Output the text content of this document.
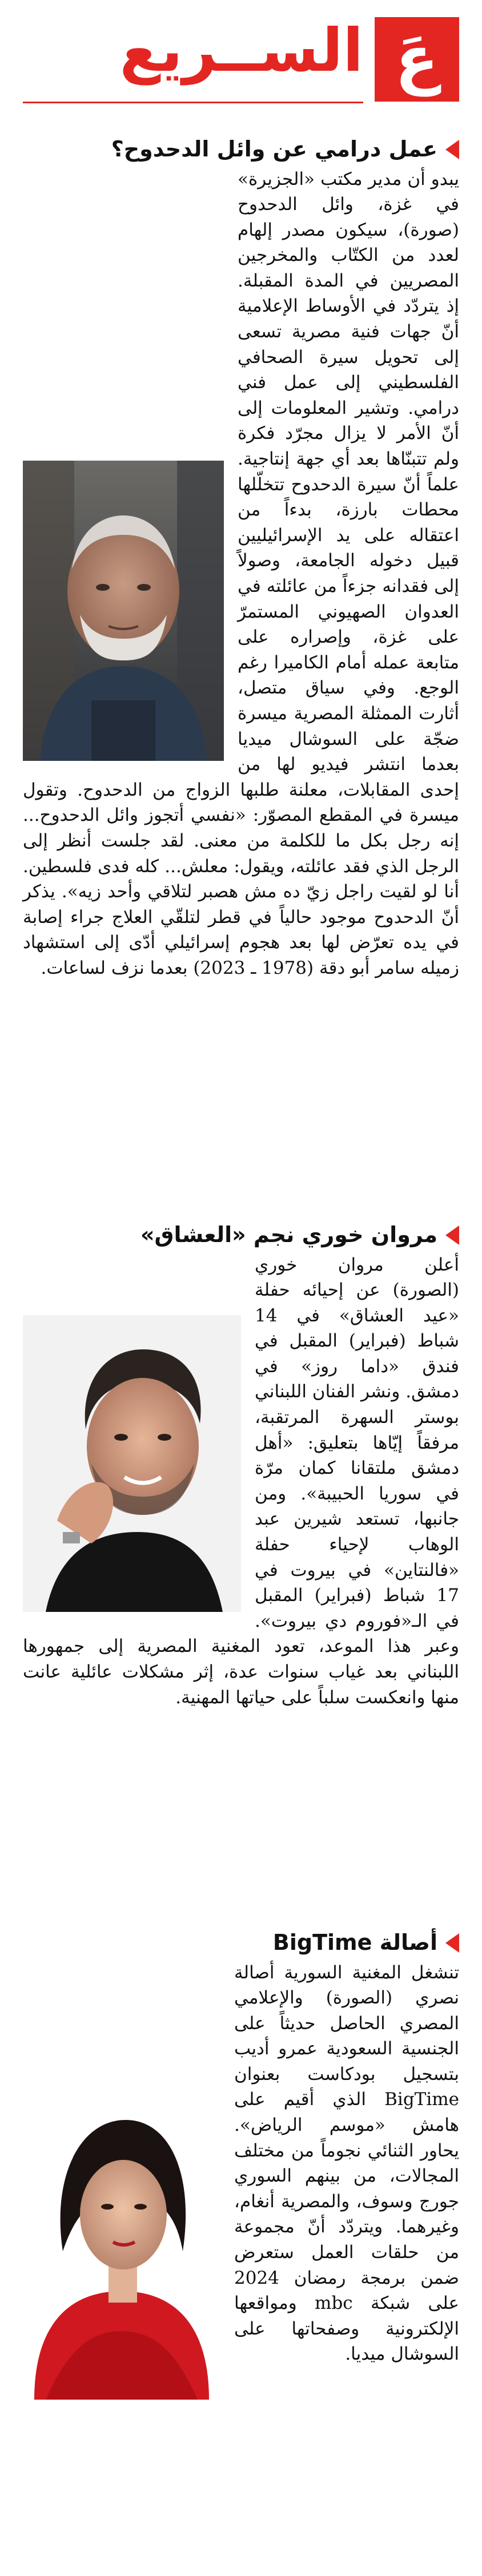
عَ
الســريع
عمل درامي عن وائل الدحدوح؟

يبدو أن مدير مكتب «الجزيرة» في غزة، وائل الدحدوح (صورة)، سيكون مصدر إلهام لعدد من الكتّاب والمخرجين المصريين في المدة المقبلة. إذ يتردّد في الأوساط الإعلامية أنّ جهات فنية مصرية تسعى إلى تحويل سيرة الصحافي الفلسطيني إلى عمل فني درامي. وتشير المعلومات إلى أنّ الأمر لا يزال مجرّد فكرة ولم تتبنّاها بعد أي جهة إنتاجية. علماً أنّ سيرة الدحدوح تتخلّلها محطات بارزة، بدءاً من اعتقاله على يد الإسرائيليين قبيل دخوله الجامعة، وصولاً إلى فقدانه جزءاً من عائلته في العدوان الصهيوني المستمرّ على غزة، وإصراره على متابعة عمله أمام الكاميرا رغم الوجع. وفي سياق متصل، أثارت الممثلة المصرية ميسرة ضجّة على السوشال ميديا بعدما انتشر فيديو لها من إحدى المقابلات، معلنة طلبها الزواج من الدحدوح. وتقول ميسرة في المقطع المصوّر: «نفسي أتجوز وائل الدحدوح... إنه رجل بكل ما للكلمة من معنى. لقد جلست أنظر إلى الرجل الذي فقد عائلته، ويقول: معلش... كله فدى فلسطين. أنا لو لقيت راجل زيّ ده مش هصبر لتلاقي وأحد زيه». يذكر أنّ الدحدوح موجود حالياً في قطر لتلقّي العلاج جراء إصابة في يده تعرّض لها بعد هجوم إسرائيلي أدّى إلى استشهاد زميله سامر أبو دقة (1978 ـ 2023) بعدما نزف لساعات.

مروان خوري نجم «العشاق»

أعلن مروان خوري (الصورة) عن إحيائه حفلة «عيد العشاق» في 14 شباط (فبراير) المقبل في فندق «داما روز» في دمشق. ونشر الفنان اللبناني بوستر السهرة المرتقبة، مرفقاً إيّاها بتعليق: «أهل دمشق ملتقانا كمان مرّة في سوريا الحبيبة». ومن جانبها، تستعد شيرين عبد الوهاب لإحياء حفلة «فالنتاين» في بيروت في 17 شباط (فبراير) المقبل في الـ«فوروم دي بيروت». وعبر هذا الموعد، تعود المغنية المصرية إلى جمهورها اللبناني بعد غياب سنوات عدة، إثر مشكلات عائلية عانت منها وانعكست سلباً على حياتها المهنية.

أصالة BigTime

تنشغل المغنية السورية أصالة نصري (الصورة) والإعلامي المصري الحاصل حديثاً على الجنسية السعودية عمرو أديب بتسجيل بودكاست بعنوان BigTime الذي أقيم على هامش «موسم الرياض». يحاور الثنائي نجوماً من مختلف المجالات، من بينهم السوري جورج وسوف، والمصرية أنغام، وغيرهما. ويتردّد أنّ مجموعة من حلقات العمل ستعرض ضمن برمجة رمضان 2024 على شبكة mbc ومواقعها الإلكترونية وصفحاتها على السوشال ميديا.
